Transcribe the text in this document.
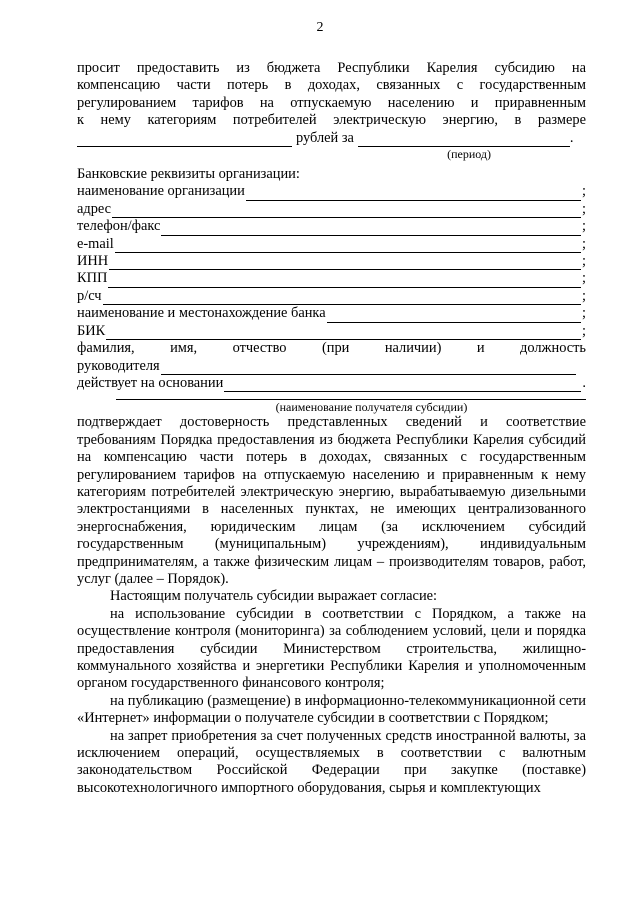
2

просит предоставить из бюджета Республики Карелия субсидию на

компенсацию части потерь в доходах, связанных с государственным

регулированием тарифов на отпускаемую населению и приравненным

к нему категориям потребителей электрическую энергию, в размере

рублей за	.
(период)

Банковские реквизиты организации:

наименование организации	;
адрес	;
телефон/факс	;
e-mail	;
ИНН	;
КПП	;
р/сч	;
наименование и местонахождение банка	;
БИК	;

фамилия, имя, отчество (при наличии) и должность

руководителя
действует на основании	.
(наименование получателя субсидии)

подтверждает достоверность представленных сведений и соответствие требованиям Порядка предоставления из бюджета Республики Карелия субсидий на компенсацию части потерь в доходах, связанных с государственным регулированием тарифов на отпускаемую населению и приравненным к нему категориям потребителей электрическую энергию, вырабатываемую дизельными электростанциями в населенных пунктах, не имеющих централизованного энергоснабжения, юридическим лицам (за исключением субсидий государственным (муниципальным) учреждениям), индивидуальным предпринимателям, а также физическим лицам – производителям товаров, работ, услуг (далее – Порядок).

Настоящим получатель субсидии выражает согласие:

на использование субсидии в соответствии с Порядком, а также на осуществление контроля (мониторинга) за соблюдением условий, цели и порядка предоставления субсидии Министерством строительства, жилищно-коммунального хозяйства и энергетики Республики Карелия и уполномоченным органом государственного финансового контроля;

на публикацию (размещение) в информационно-телекоммуникационной сети «Интернет» информации о получателе субсидии в соответствии с Порядком;

на запрет приобретения за счет полученных средств иностранной валюты, за исключением операций, осуществляемых в соответствии с валютным законодательством Российской Федерации при закупке (поставке) высокотехнологичного импортного оборудования, сырья и комплектующих
